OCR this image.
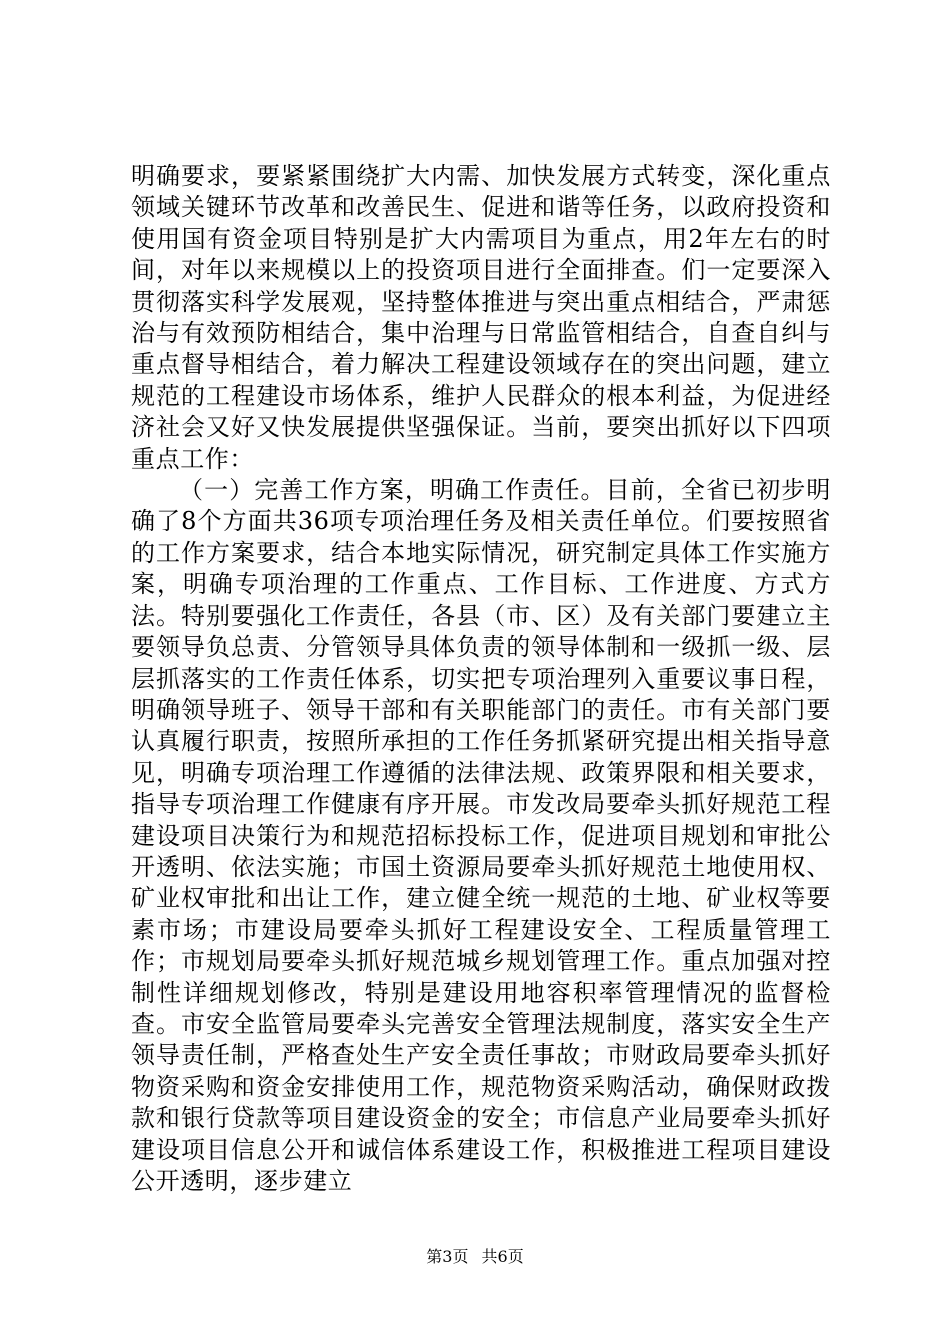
明确要求，要紧紧围绕扩大内需、加快发展方式转变，深化重点领域关键环节改革和改善民生、促进和谐等任务，以政府投资和使用国有资金项目特别是扩大内需项目为重点，用2年左右的时间，对年以来规模以上的投资项目进行全面排查。们一定要深入贯彻落实科学发展观，坚持整体推进与突出重点相结合，严肃惩治与有效预防相结合，集中治理与日常监管相结合，自查自纠与重点督导相结合，着力解决工程建设领域存在的突出问题，建立规范的工程建设市场体系，维护人民群众的根本利益，为促进经济社会又好又快发展提供坚强保证。当前，要突出抓好以下四项重点工作：

（一）完善工作方案，明确工作责任。目前，全省已初步明确了8个方面共36项专项治理任务及相关责任单位。们要按照省的工作方案要求，结合本地实际情况，研究制定具体工作实施方案，明确专项治理的工作重点、工作目标、工作进度、方式方法。特别要强化工作责任，各县（市、区）及有关部门要建立主要领导负总责、分管领导具体负责的领导体制和一级抓一级、层层抓落实的工作责任体系，切实把专项治理列入重要议事日程，明确领导班子、领导干部和有关职能部门的责任。市有关部门要认真履行职责，按照所承担的工作任务抓紧研究提出相关指导意见，明确专项治理工作遵循的法律法规、政策界限和相关要求，指导专项治理工作健康有序开展。市发改局要牵头抓好规范工程建设项目决策行为和规范招标投标工作，促进项目规划和审批公开透明、依法实施；市国土资源局要牵头抓好规范土地使用权、矿业权审批和出让工作，建立健全统一规范的土地、矿业权等要素市场；市建设局要牵头抓好工程建设安全、工程质量管理工作；市规划局要牵头抓好规范城乡规划管理工作。重点加强对控制性详细规划修改，特别是建设用地容积率管理情况的监督检查。市安全监管局要牵头完善安全管理法规制度，落实安全生产领导责任制，严格查处生产安全责任事故；市财政局要牵头抓好物资采购和资金安排使用工作，规范物资采购活动，确保财政拨款和银行贷款等项目建设资金的安全；市信息产业局要牵头抓好建设项目信息公开和诚信体系建设工作，积极推进工程项目建设公开透明，逐步建立

第3页 共6页
